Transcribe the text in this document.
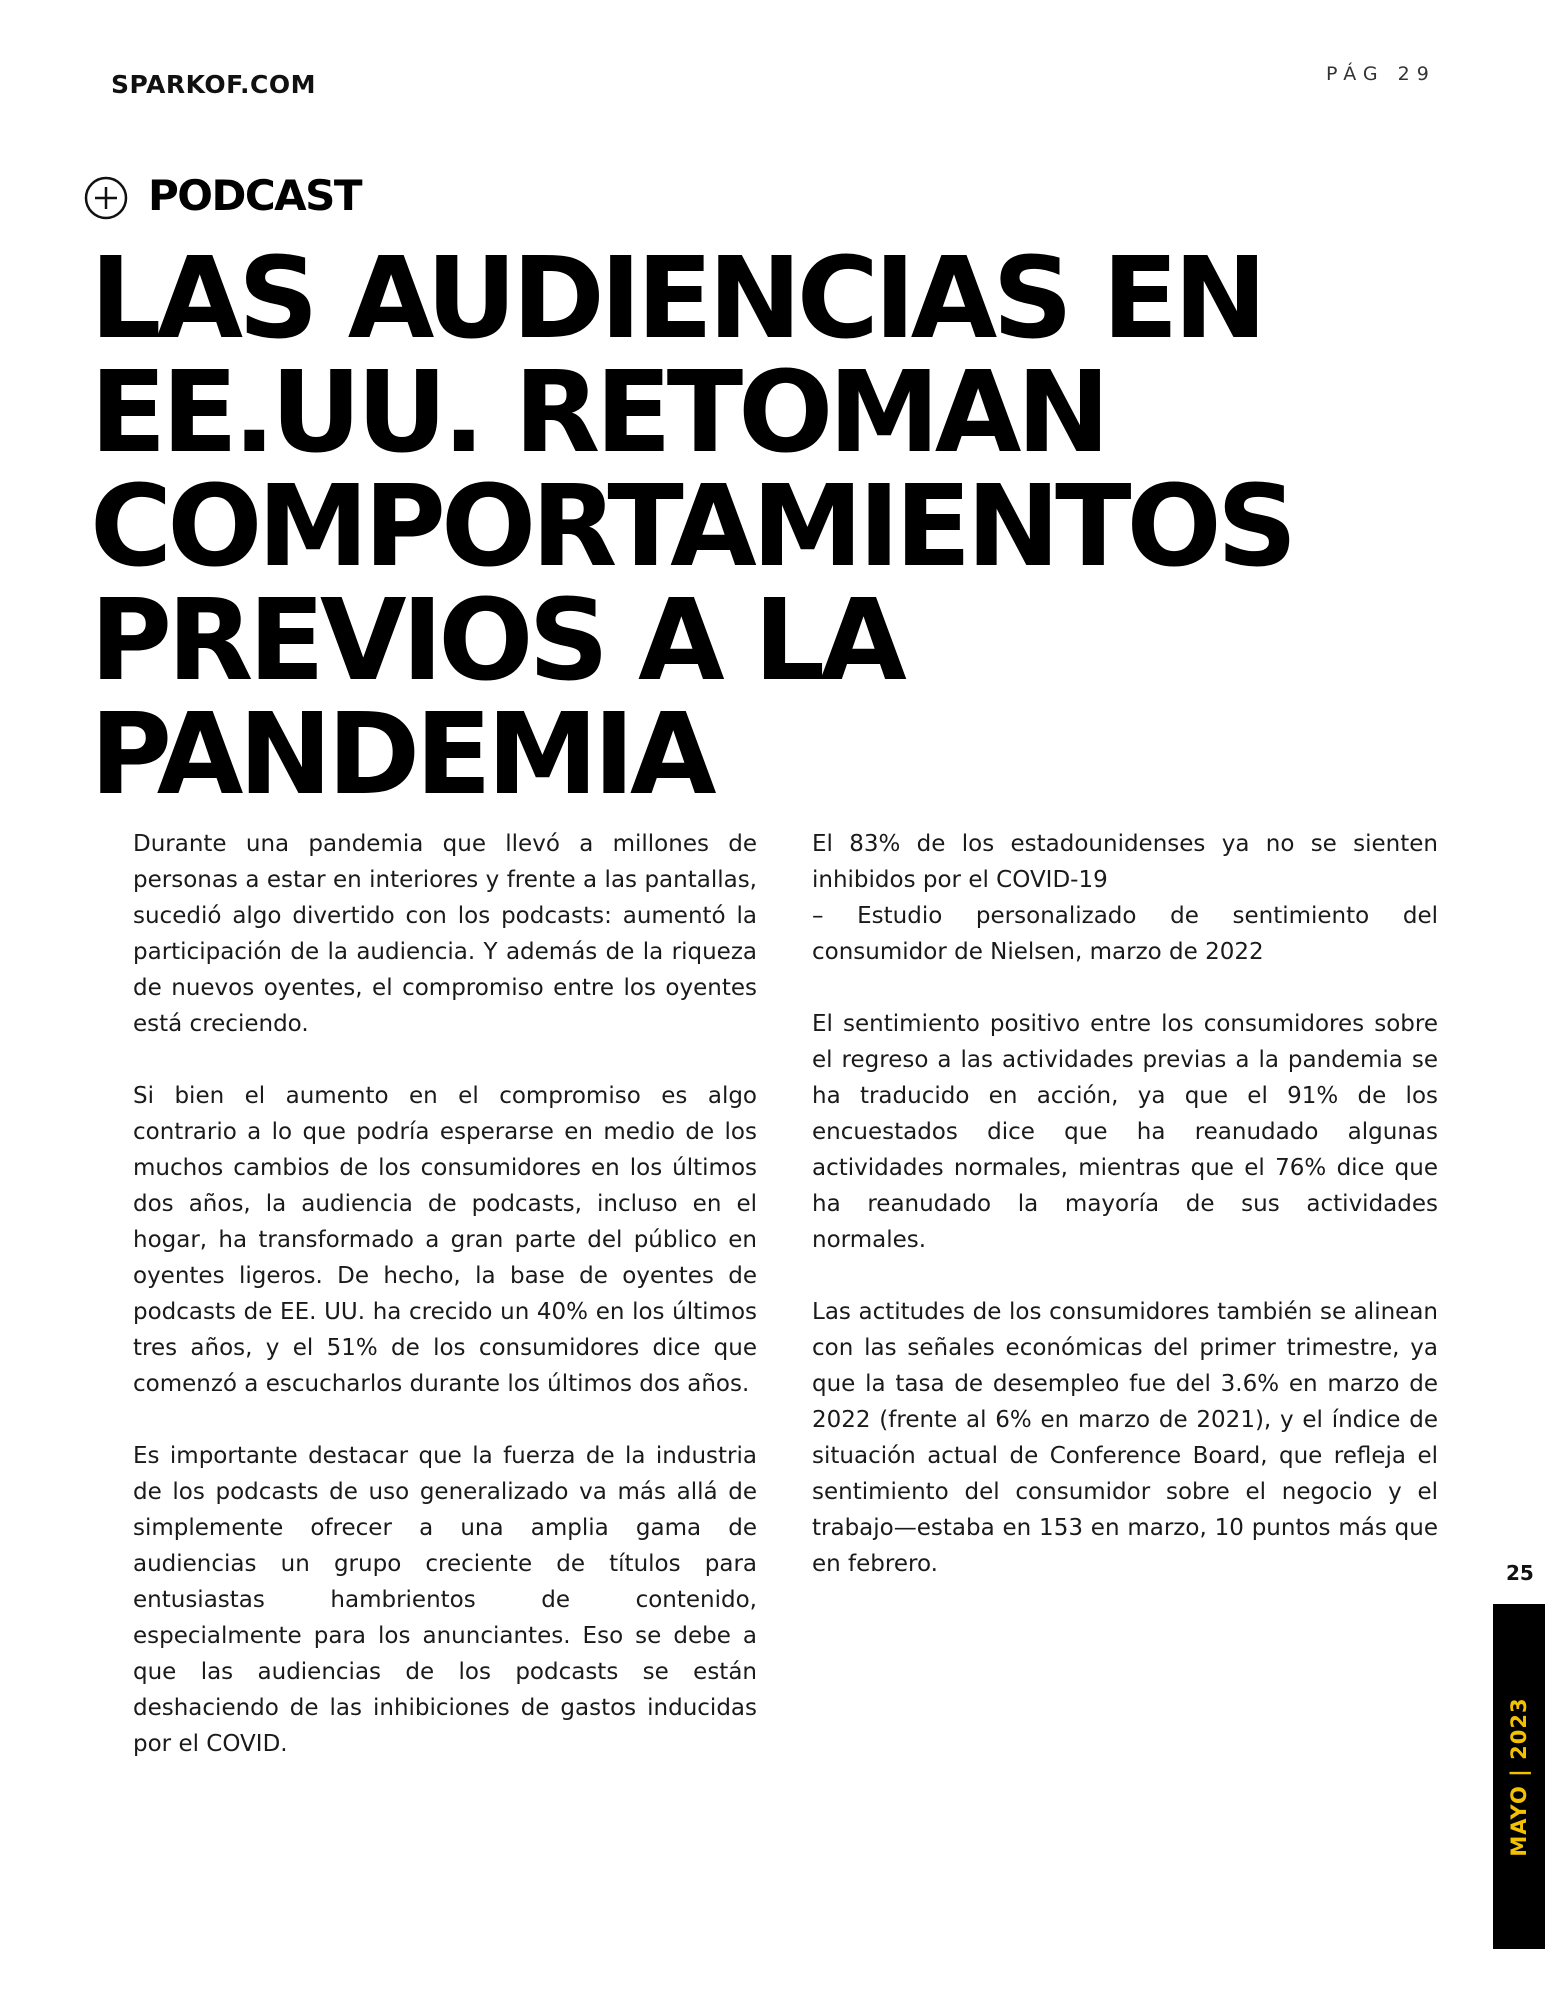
SPARKOF.COM	PÁG 29
PODCAST
LAS AUDIENCIAS EN
EE.UU. RETOMAN
COMPORTAMIENTOS
PREVIOS A LA
PANDEMIA

Durante una pandemia que llevó a millones de personas a estar en interiores y frente a las pantallas, sucedió algo divertido con los podcasts: aumentó la participación de la audiencia. Y además de la riqueza de nuevos oyentes, el compromiso entre los oyentes está creciendo.

Si bien el aumento en el compromiso es algo contrario a lo que podría esperarse en medio de los muchos cambios de los consumidores en los últimos dos años, la audiencia de podcasts, incluso en el hogar, ha transformado a gran parte del público en oyentes ligeros. De hecho, la base de oyentes de podcasts de EE. UU. ha crecido un 40% en los últimos tres años, y el 51% de los consumidores dice que comenzó a escucharlos durante los últimos dos años.

Es importante destacar que la fuerza de la industria de los podcasts de uso generalizado va más allá de simplemente ofrecer a una amplia gama de audiencias un grupo creciente de títulos para entusiastas hambrientos de contenido, especialmente para los anunciantes. Eso se debe a que las audiencias de los podcasts se están deshaciendo de las inhibiciones de gastos inducidas por el COVID.

El 83% de los estadounidenses ya no se sienten inhibidos por el COVID-19
– Estudio personalizado de sentimiento del consumidor de Nielsen, marzo de 2022

El sentimiento positivo entre los consumidores sobre el regreso a las actividades previas a la pandemia se ha traducido en acción, ya que el 91% de los encuestados dice que ha reanudado algunas actividades normales, mientras que el 76% dice que ha reanudado la mayoría de sus actividades normales.

Las actitudes de los consumidores también se alinean con las señales económicas del primer trimestre, ya que la tasa de desempleo fue del 3.6% en marzo de 2022 (frente al 6% en marzo de 2021), y el índice de situación actual de Conference Board, que refleja el sentimiento del consumidor sobre el negocio y el trabajo—estaba en 153 en marzo, 10 puntos más que en febrero.	25
MAYO | 2023
